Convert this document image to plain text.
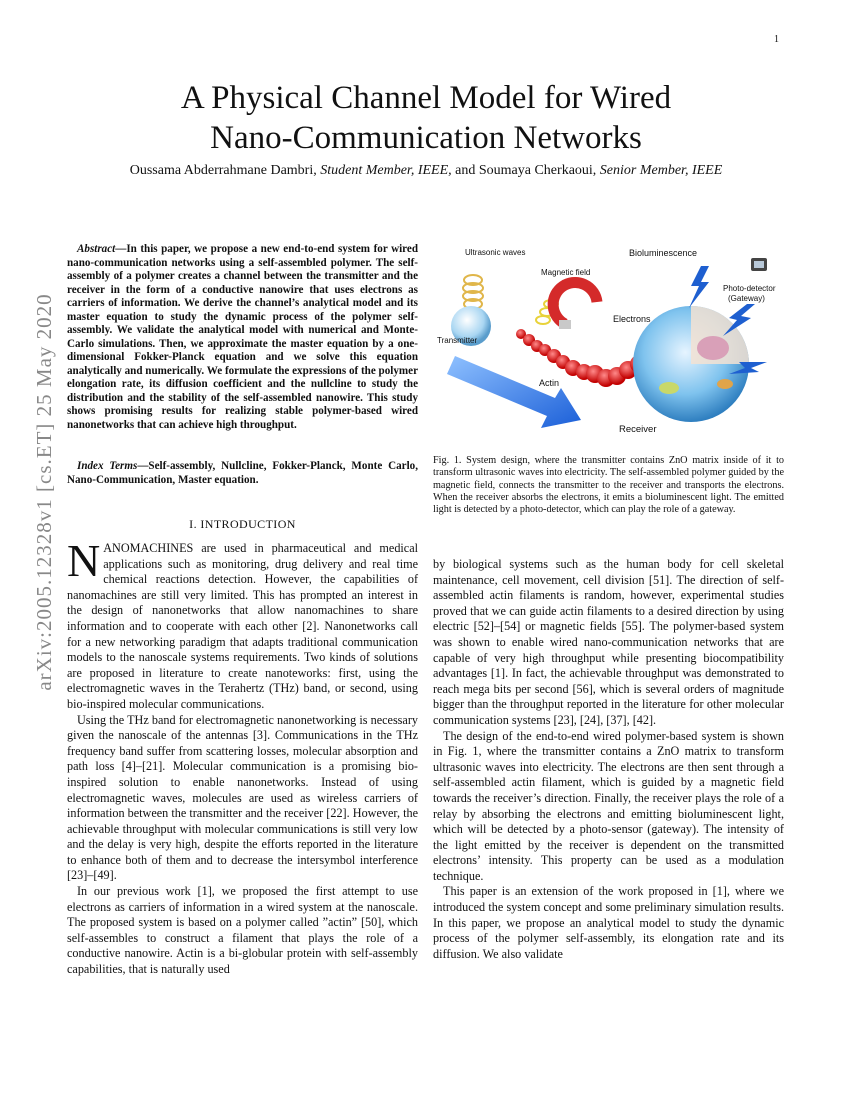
1
arXiv:2005.12328v1 [cs.ET] 25 May 2020
A Physical Channel Model for Wired
Nano-Communication Networks
Oussama Abderrahmane Dambri, Student Member, IEEE, and Soumaya Cherkaoui, Senior Member, IEEE
Abstract—In this paper, we propose a new end-to-end system for wired nano-communication networks using a self-assembled polymer. The self-assembly of a polymer creates a channel between the transmitter and the receiver in the form of a conductive nanowire that uses electrons as carriers of information. We derive the channel’s analytical model and its master equation to study the dynamic process of the polymer self-assembly. We validate the analytical model with numerical and Monte-Carlo simulations. Then, we approximate the master equation by a one-dimensional Fokker-Planck equation and we solve this equation analytically and numerically. We formulate the expressions of the polymer elongation rate, its diffusion coefficient and the nullcline to study the distribution and the stability of the self-assembled nanowire. This study shows promising results for realizing stable polymer-based wired nanonetworks that can achieve high throughput.
Index Terms—Self-assembly, Nullcline, Fokker-Planck, Monte Carlo, Nano-Communication, Master equation.
I. INTRODUCTION

NANOMACHINES are used in pharmaceutical and medical applications such as monitoring, drug delivery and real time chemical reactions detection. However, the capabilities of nanomachines are still very limited. This has prompted an interest in the design of nanonetworks that allow nanomachines to share information and to cooperate with each other [2]. Nanonetworks call for a new networking paradigm that adapts traditional communication models to the nanoscale systems requirements. Two kinds of solutions are proposed in literature to create nanoteworks: first, using the electromagnetic waves in the Terahertz (THz) band, or second, using bio-inspired molecular communications.

Using the THz band for electromagnetic nanonetworking is necessary given the nanoscale of the antennas [3]. Communications in the THz frequency band suffer from scattering losses, molecular absorption and path loss [4]–[21]. Molecular communication is a promising bio-inspired solution to enable nanonetworks. Instead of using electromagnetic waves, molecules are used as wireless carriers of information between the transmitter and the receiver [22]. However, the achievable throughput with molecular communications is still very low and the delay is very high, despite the efforts reported in the literature to enhance both of them and to decrease the intersymbol interference [23]–[49].

In our previous work [1], we proposed the first attempt to use electrons as carriers of information in a wired system at the nanoscale. The proposed system is based on a polymer called ”actin” [50], which self-assembles to construct a filament that plays the role of a conductive nanowire. Actin is a bi-globular protein with self-assembly capabilities, that is naturally used

Ultrasonic waves
Magnetic field
Bioluminescence
Photo-detector
(Gateway)
Transmitter
Electrons
Actin
Magnetic field direction
Receiver
Fig. 1. System design, where the transmitter contains ZnO matrix inside of it to transform ultrasonic waves into electricity. The self-assembled polymer guided by the magnetic field, connects the transmitter to the receiver and transports the electrons. When the receiver absorbs the electrons, it emits a bioluminescent light. The emitted light is detected by a photo-detector, which can play the role of a gateway.

by biological systems such as the human body for cell skeletal maintenance, cell movement, cell division [51]. The direction of self-assembled actin filaments is random, however, experimental studies proved that we can guide actin filaments to a desired direction by using electric [52]–[54] or magnetic fields [55]. The polymer-based system was shown to enable wired nano-communication networks that are capable of very high throughput while presenting biocompatibility advantages [1]. In fact, the achievable throughput was demonstrated to reach mega bits per second [56], which is several orders of magnitude bigger than the throughput reported in the literature for other molecular communication systems [23], [24], [37], [42].

The design of the end-to-end wired polymer-based system is shown in Fig. 1, where the transmitter contains a ZnO matrix to transform ultrasonic waves into electricity. The electrons are then sent through a self-assembled actin filament, which is guided by a magnetic field towards the receiver’s direction. Finally, the receiver plays the role of a relay by absorbing the electrons and emitting bioluminescent light, which will be detected by a photo-sensor (gateway). The intensity of the light emitted by the receiver is dependent on the transmitted electrons’ intensity. This property can be used as a modulation technique.

This paper is an extension of the work proposed in [1], where we introduced the system concept and some preliminary simulation results. In this paper, we propose an analytical model to study the dynamic process of the polymer self-assembly, its elongation rate and its diffusion. We also validate
